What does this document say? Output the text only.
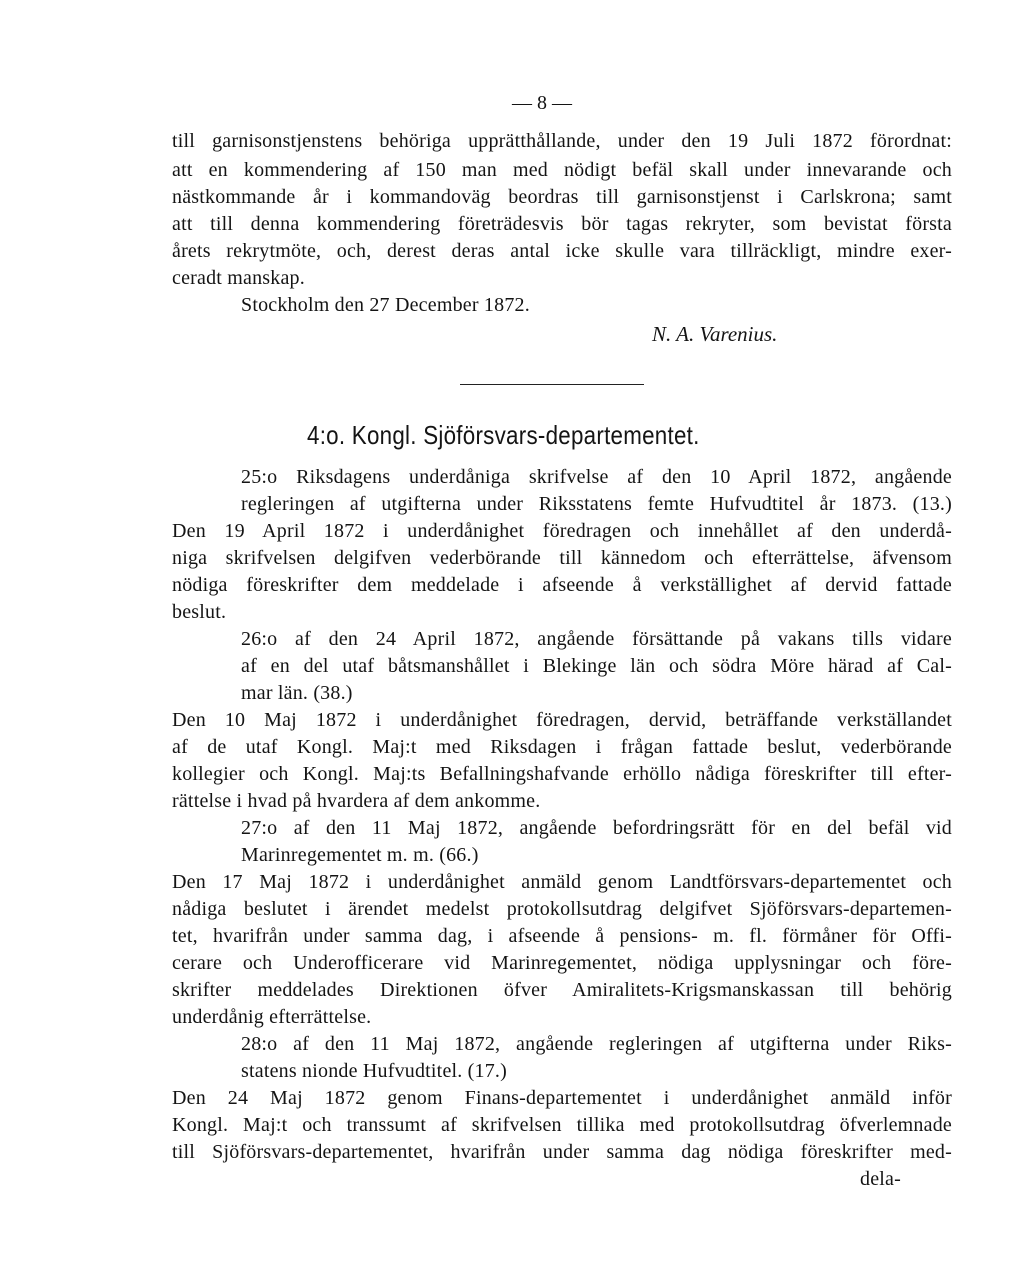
— 8 —

till garnisonstjenstens behöriga upprätthållande, under den 19 Juli 1872 förordnat:

att en kommendering af 150 man med nödigt befäl skall under innevarande och

nästkommande år i kommandoväg beordras till garnisonstjenst i Carlskrona; samt

att till denna kommendering företrädesvis bör tagas rekryter, som bevistat första

årets rekrytmöte, och, derest deras antal icke skulle vara tillräckligt, mindre exer-

ceradt manskap.

Stockholm den 27 December 1872.

N. A. Varenius.
4:o. Kongl. Sjöförsvars-departementet.

25:o Riksdagens underdåniga skrifvelse af den 10 April 1872, angående

regleringen af utgifterna under Riksstatens femte Hufvudtitel år 1873. (13.)

Den 19 April 1872 i underdånighet föredragen och innehållet af den underdå-

niga skrifvelsen delgifven vederbörande till kännedom och efterrättelse, äfvensom

nödiga föreskrifter dem meddelade i afseende å verkställighet af dervid fattade

beslut.

26:o af den 24 April 1872, angående försättande på vakans tills vidare

af en del utaf båtsmanshållet i Blekinge län och södra Möre härad af Cal-

mar län. (38.)

Den 10 Maj 1872 i underdånighet föredragen, dervid, beträffande verkställandet

af de utaf Kongl. Maj:t med Riksdagen i frågan fattade beslut, vederbörande

kollegier och Kongl. Maj:ts Befallningshafvande erhöllo nådiga föreskrifter till efter-

rättelse i hvad på hvardera af dem ankomme.

27:o af den 11 Maj 1872, angående befordringsrätt för en del befäl vid

Marinregementet m. m. (66.)

Den 17 Maj 1872 i underdånighet anmäld genom Landtförsvars-departementet och

nådiga beslutet i ärendet medelst protokollsutdrag delgifvet Sjöförsvars-departemen-

tet, hvarifrån under samma dag, i afseende å pensions- m. fl. förmåner för Offi-

cerare och Underofficerare vid Marinregementet, nödiga upplysningar och före-

skrifter meddelades Direktionen öfver Amiralitets-Krigsmanskassan till behörig

underdånig efterrättelse.

28:o af den 11 Maj 1872, angående regleringen af utgifterna under Riks-

statens nionde Hufvudtitel. (17.)

Den 24 Maj 1872 genom Finans-departementet i underdånighet anmäld inför

Kongl. Maj:t och transsumt af skrifvelsen tillika med protokollsutdrag öfverlemnade

till Sjöförsvars-departementet, hvarifrån under samma dag nödiga föreskrifter med-

dela-
